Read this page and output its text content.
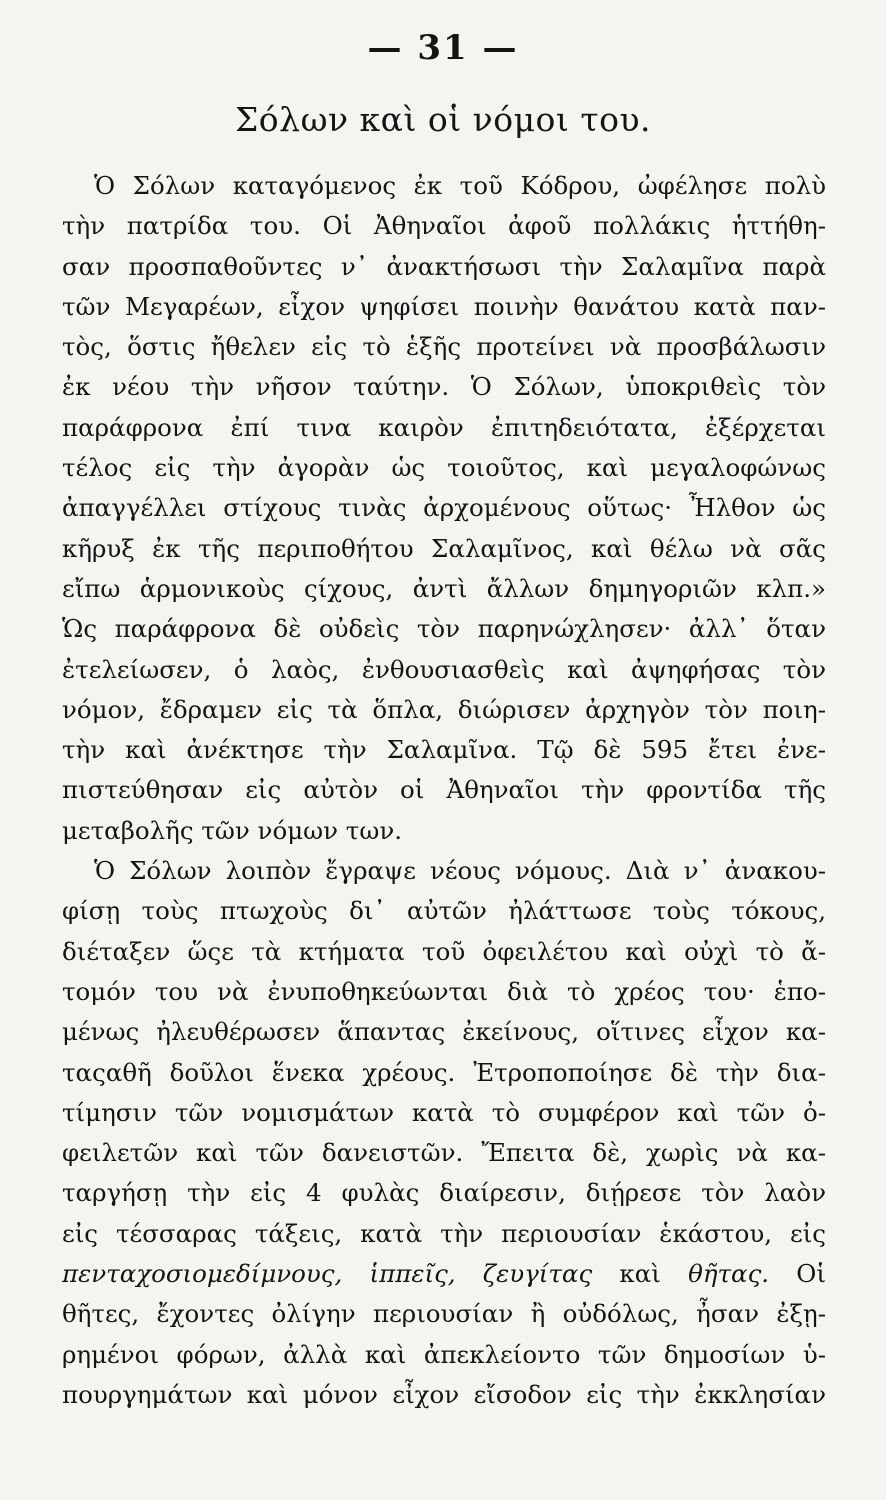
— 31 —
Σόλων καὶ οἱ νόμοι του.
Ὁ Σόλων καταγόμενος ἐκ τοῦ Κόδρου, ὠφέλησε πολὺ
τὴν πατρίδα του. Οἱ Ἀθηναῖοι ἀφοῦ πολλάκις ἡττήθη-
σαν προσπαθοῦντες ν᾽ ἀνακτήσωσι τὴν Σαλαμῖνα παρὰ
τῶν Μεγαρέων, εἶχον ψηφίσει ποινὴν θανάτου κατὰ παν-
τὸς, ὅστις ἤθελεν εἰς τὸ ἑξῆς προτείνει νὰ προσβάλωσιν
ἐκ νέου τὴν νῆσον ταύτην. Ὁ Σόλων, ὑποκριθεὶς τὸν
παράφρονα ἐπί τινα καιρὸν ἐπιτηδειότατα, ἐξέρχεται
τέλος εἰς τὴν ἀγορὰν ὡς τοιοῦτος, καὶ μεγαλοφώνως
ἀπαγγέλλει στίχους τινὰς ἀρχομένους οὕτως· Ἦλθον ὡς
κῆρυξ ἐκ τῆς περιποθήτου Σαλαμῖνος, καὶ θέλω νὰ σᾶς
εἴπω ἁρμονικοὺς ςίχους, ἀντὶ ἄλλων δημηγοριῶν κλπ.»
Ὡς παράφρονα δὲ οὐδεὶς τὸν παρηνώχλησεν· ἀλλ᾽ ὅταν
ἐτελείωσεν, ὁ λαὸς, ἐνθουσιασθεὶς καὶ ἀψηφήσας τὸν
νόμον, ἔδραμεν εἰς τὰ ὅπλα, διώρισεν ἀρχηγὸν τὸν ποιη-
τὴν καὶ ἀνέκτησε τὴν Σαλαμῖνα. Τῷ δὲ 595 ἔτει ἐνε-
πιστεύθησαν εἰς αὐτὸν οἱ Ἀθηναῖοι τὴν φροντίδα τῆς
μεταβολῆς τῶν νόμων των.
Ὁ Σόλων λοιπὸν ἔγραψε νέους νόμους. Διὰ ν᾽ ἀνακου-
φίσῃ τοὺς πτωχοὺς δι᾽ αὐτῶν ἠλάττωσε τοὺς τόκους,
διέταξεν ὥςε τὰ κτήματα τοῦ ὀφειλέτου καὶ οὐχὶ τὸ ἄ-
τομόν του νὰ ἐνυποθηκεύωνται διὰ τὸ χρέος του· ἑπο-
μένως ἠλευθέρωσεν ἅπαντας ἐκείνους, οἵτινες εἶχον κα-
ταςαθῆ δοῦλοι ἕνεκα χρέους. Ἐτροποποίησε δὲ τὴν δια-
τίμησιν τῶν νομισμάτων κατὰ τὸ συμφέρον καὶ τῶν ὀ-
φειλετῶν καὶ τῶν δανειστῶν. Ἔπειτα δὲ, χωρὶς νὰ κα-
ταργήσῃ τὴν εἰς 4 φυλὰς διαίρεσιν, διῄρεσε τὸν λαὸν
εἰς τέσσαρας τάξεις, κατὰ τὴν περιουσίαν ἑκάστου, εἰς
πενταχοσιομεδίμνους, ἱππεῖς, ζευγίτας καὶ θῆτας. Οἱ
θῆτες, ἔχοντες ὀλίγην περιουσίαν ἢ οὐδόλως, ἦσαν ἐξῃ-
ρημένοι φόρων, ἀλλὰ καὶ ἀπεκλείοντο τῶν δημοσίων ὑ-
πουργημάτων καὶ μόνον εἶχον εἴσοδον εἰς τὴν ἐκκλησίαν
